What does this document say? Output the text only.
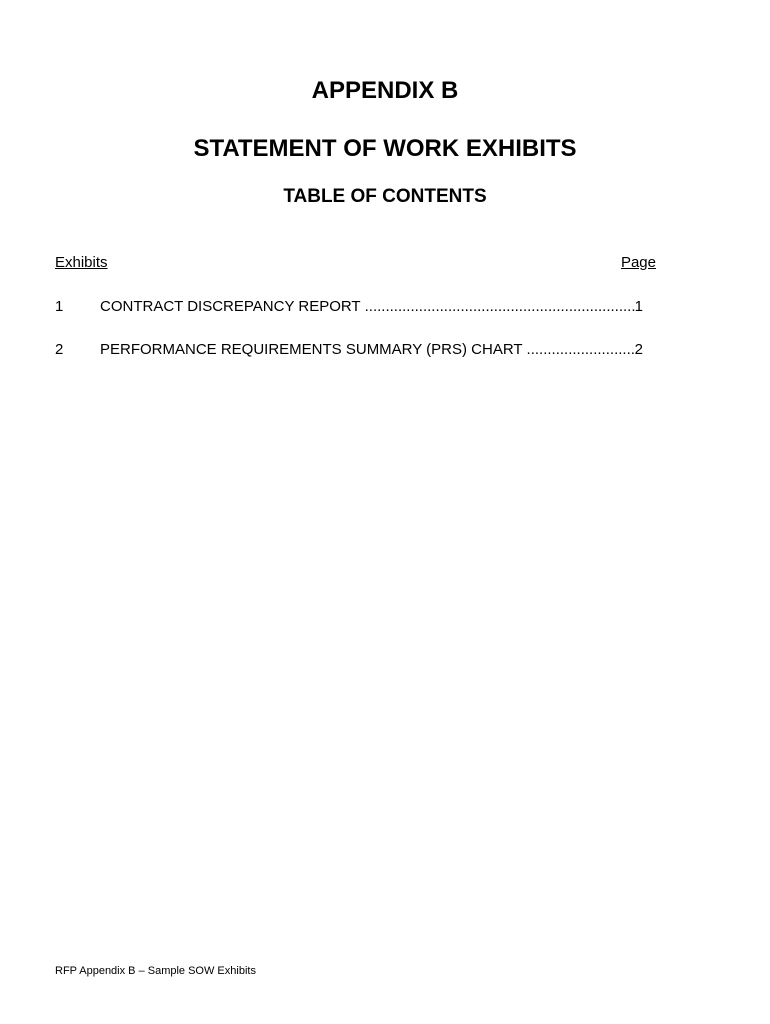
APPENDIX B
STATEMENT OF WORK EXHIBITS
TABLE OF CONTENTS
Exhibits	Page
1 CONTRACT DISCREPANCY REPORT .....	1
2 PERFORMANCE REQUIREMENTS SUMMARY (PRS) CHART .....	2
RFP Appendix B – Sample SOW Exhibits
